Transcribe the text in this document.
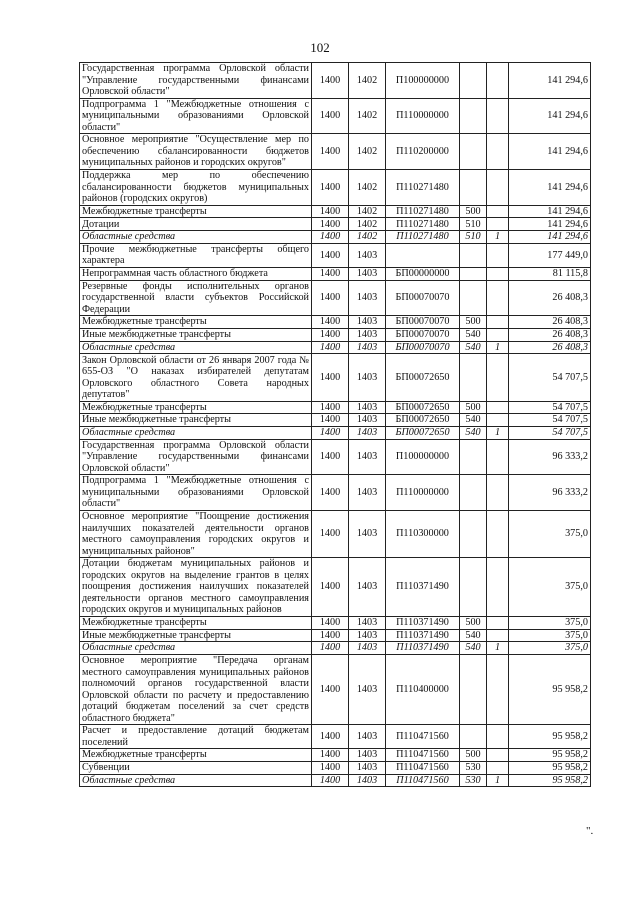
102
Государственная программа Орловской области "Управление государственными финансами Орловской области"	1400	1402	П100000000			141 294,6
Подпрограмма 1 "Межбюджетные отношения с муниципальными образованиями Орловской области"	1400	1402	П110000000			141 294,6
Основное мероприятие "Осуществление мер по обеспечению сбалансированности бюджетов муниципальных районов и городских округов"	1400	1402	П110200000			141 294,6
Поддержка мер по обеспечению сбалансированности бюджетов муниципальных районов (городских округов)	1400	1402	П110271480			141 294,6
Межбюджетные трансферты	1400	1402	П110271480	500		141 294,6
Дотации	1400	1402	П110271480	510		141 294,6
Областные средства	1400	1402	П110271480	510	1	141 294,6
Прочие межбюджетные трансферты общего характера	1400	1403				177 449,0
Непрограммная часть областного бюджета	1400	1403	БП00000000			81 115,8
Резервные фонды исполнительных органов государственной власти субъектов Российской Федерации	1400	1403	БП00070070			26 408,3
Межбюджетные трансферты	1400	1403	БП00070070	500		26 408,3
Иные межбюджетные трансферты	1400	1403	БП00070070	540		26 408,3
Областные средства	1400	1403	БП00070070	540	1	26 408,3
Закон Орловской области от 26 января 2007 года № 655-ОЗ "О наказах избирателей депутатам Орловского областного Совета народных депутатов"	1400	1403	БП00072650			54 707,5
Межбюджетные трансферты	1400	1403	БП00072650	500		54 707,5
Иные межбюджетные трансферты	1400	1403	БП00072650	540		54 707,5
Областные средства	1400	1403	БП00072650	540	1	54 707,5
Государственная программа Орловской области "Управление государственными финансами Орловской области"	1400	1403	П100000000			96 333,2
Подпрограмма 1 "Межбюджетные отношения с муниципальными образованиями Орловской области"	1400	1403	П110000000			96 333,2
Основное мероприятие "Поощрение достижения наилучших показателей деятельности органов местного самоуправления городских округов и муниципальных районов"	1400	1403	П110300000			375,0
Дотации бюджетам муниципальных районов и городских округов на выделение грантов в целях поощрения достижения наилучших показателей деятельности органов местного самоуправления городских округов и муниципальных районов	1400	1403	П110371490			375,0
Межбюджетные трансферты	1400	1403	П110371490	500		375,0
Иные межбюджетные трансферты	1400	1403	П110371490	540		375,0
Областные средства	1400	1403	П110371490	540	1	375,0
Основное мероприятие "Передача органам местного самоуправления муниципальных районов полномочий органов государственной власти Орловской области по расчету и предоставлению дотаций бюджетам поселений за счет средств областного бюджета"	1400	1403	П110400000			95 958,2
Расчет и предоставление дотаций бюджетам поселений	1400	1403	П110471560			95 958,2
Межбюджетные трансферты	1400	1403	П110471560	500		95 958,2
Субвенции	1400	1403	П110471560	530		95 958,2
Областные средства	1400	1403	П110471560	530	1	95 958,2
".
